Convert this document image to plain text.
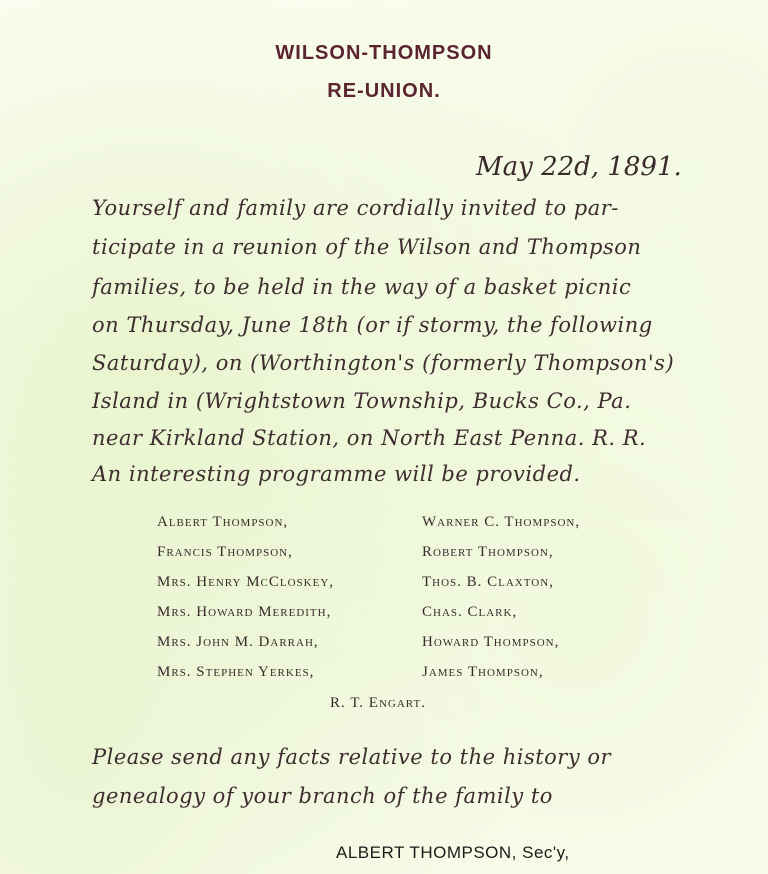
WILSON-THOMPSON
RE-UNION.
May 22d, 1891.
Yourself and family are cordially invited to par-
ticipate in a reunion of the Wilson and Thompson
families, to be held in the way of a basket picnic
on Thursday, June 18th (or if stormy, the following
Saturday), on (Worthington's (formerly Thompson's)
Island in (Wrightstown Township, Bucks Co., Pa.
near Kirkland Station, on North East Penna. R. R.
An interesting programme will be provided.
Albert Thompson,
Francis Thompson,
Mrs. Henry McCloskey,
Mrs. Howard Meredith,
Mrs. John M. Darrah,
Mrs. Stephen Yerkes,
Warner C. Thompson,
Robert Thompson,
Thos. B. Claxton,
Chas. Clark,
Howard Thompson,
James Thompson,
R. T. Engart.
Please send any facts relative to the history or
genealogy of your branch of the family to
ALBERT THOMPSON, Sec'y,
